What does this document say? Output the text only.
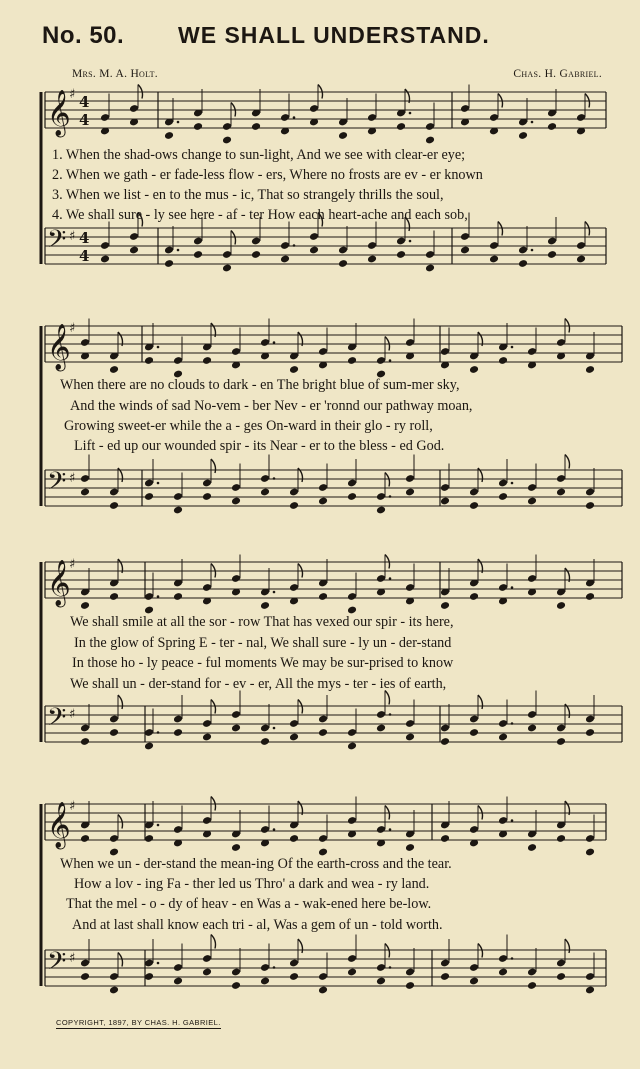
No. 50. WE SHALL UNDERSTAND.
Mrs. M. A. Holt.	Chas. H. Gabriel.
𝄞
♯ 4
4
𝄢 ♯ 4
4
𝄞
♯
𝄢 ♯
𝄞
♯
𝄢 ♯
𝄞
♯
𝄢 ♯
1. When the shad-ows change to sun-light, And we see with clear-er eye;
2. When we gath - er fade-less flow - ers, Where no frosts are ev - er known
3. When we list - en to the mus - ic, That so strangely thrills the soul,
4. We shall sure - ly see here - af - ter How each heart-ache and each sob,
When there are no clouds to dark - en The bright blue of sum-mer sky,
And the winds of sad No-vem - ber Nev - er 'ronnd our pathway moan,
Growing sweet-er while the a - ges On-ward in their glo - ry roll,
Lift - ed up our wounded spir - its Near - er to the bless - ed God.
We shall smile at all the sor - row That has vexed our spir - its here,
In the glow of Spring E - ter - nal, We shall sure - ly un - der-stand
In those ho - ly peace - ful moments We may be sur-prised to know
We shall un - der-stand for - ev - er, All the mys - ter - ies of earth,
When we un - der-stand the mean-ing Of the earth-cross and the tear.
How a lov - ing Fa - ther led us Thro' a dark and wea - ry land.
That the mel - o - dy of heav - en Was a - wak-ened here be-low.
And at last shall know each tri - al, Was a gem of un - told worth.
COPYRIGHT, 1897, BY CHAS. H. GABRIEL.
